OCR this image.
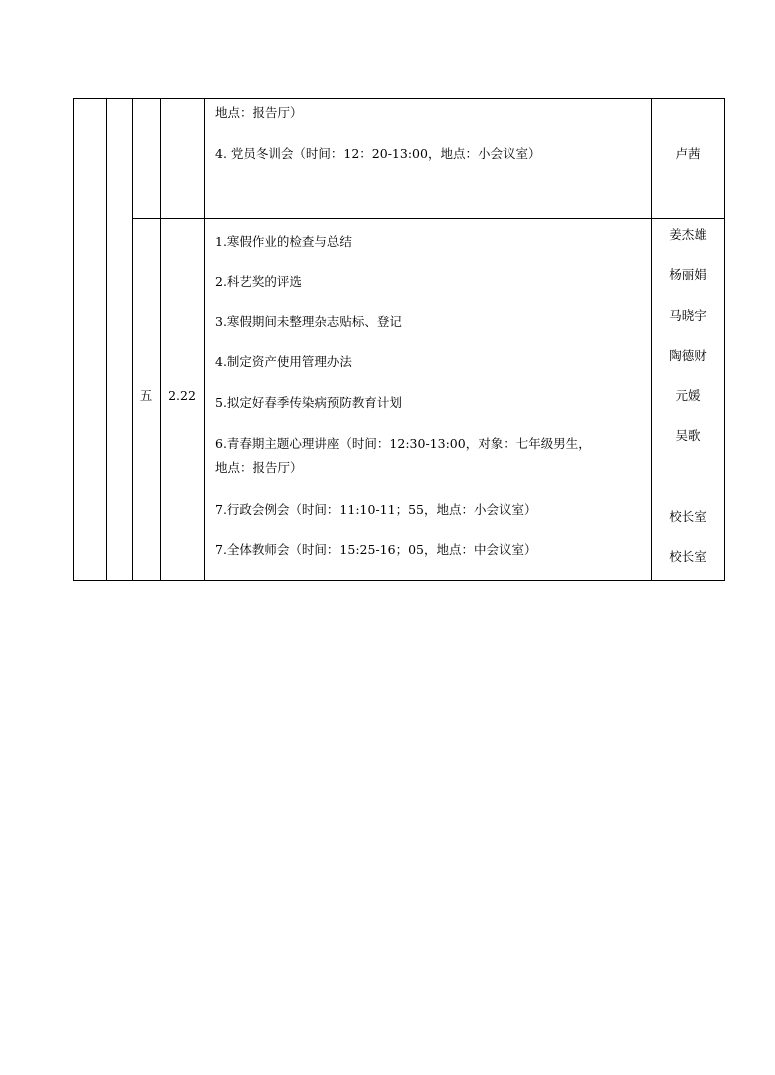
地点：报告厅）
4. 党员冬训会（时间：12：20-13:00，地点：小会议室）	卢茜
五	2.22
1.寒假作业的检查与总结
2.科艺奖的评选
3.寒假期间未整理杂志贴标、登记
4.制定资产使用管理办法
5.拟定好春季传染病预防教育计划
6.青春期主题心理讲座（时间：12:30-13:00，对象：七年级男生，
地点：报告厅）
7.行政会例会（时间：11:10-11；55，地点：小会议室）
7.全体教师会（时间：15:25-16；05，地点：中会议室）
姜杰雄
杨丽娟
马晓宇
陶德财
元媛
吴歌
校长室
校长室
